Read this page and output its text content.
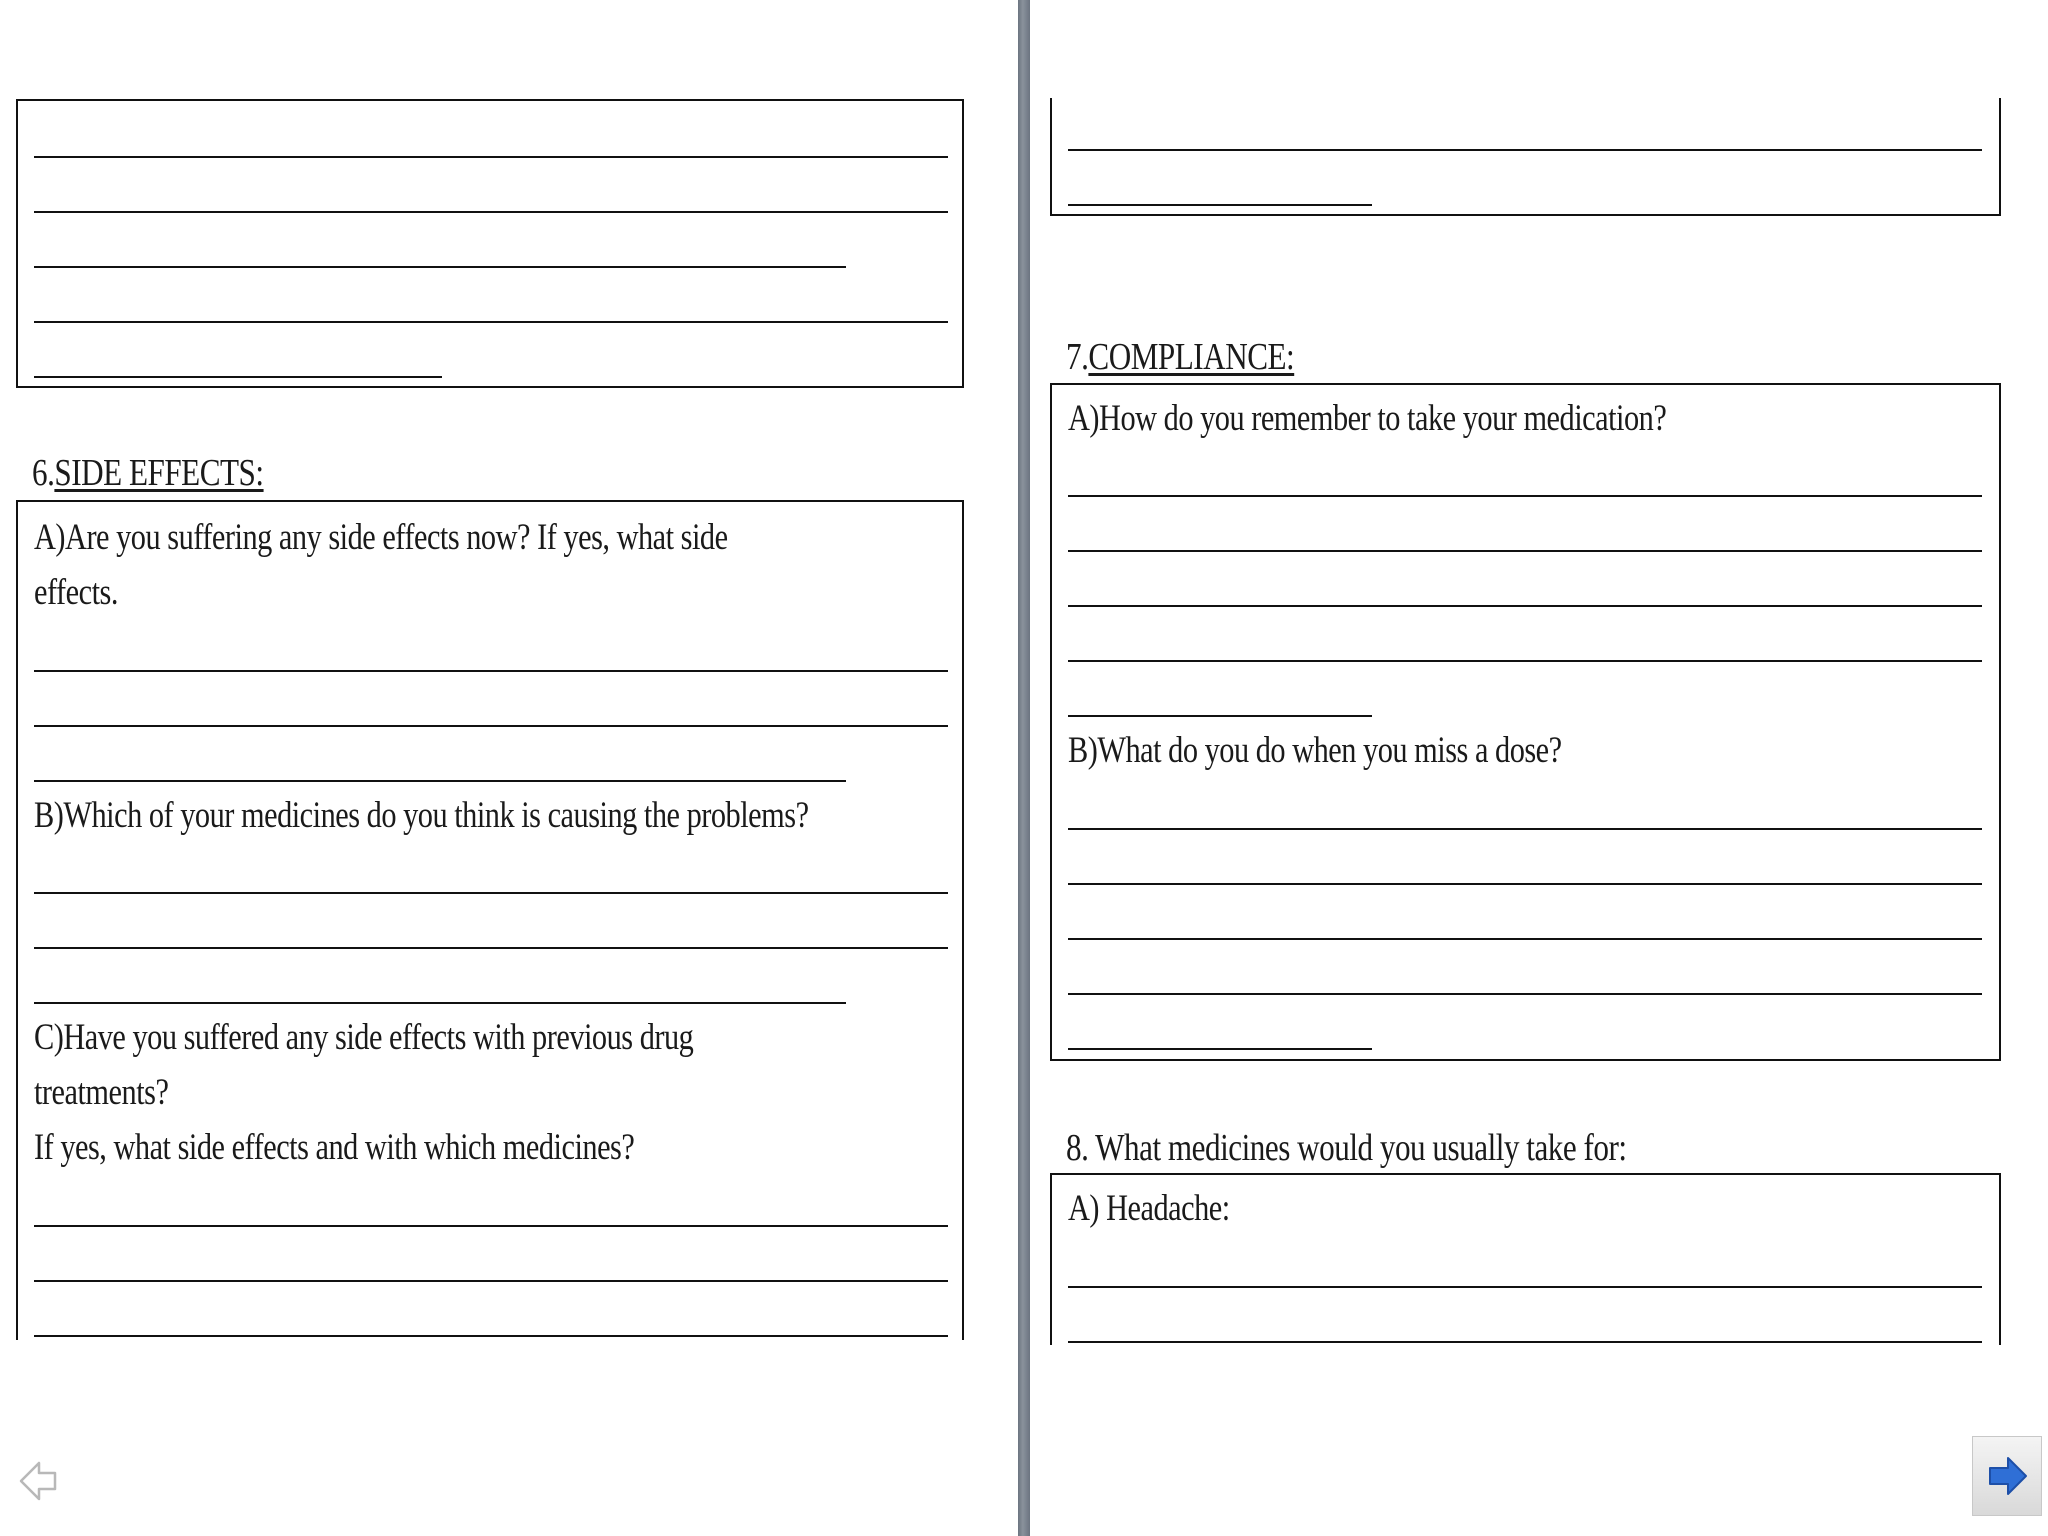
6.SIDE EFFECTS:
A)Are you suffering any side effects now? If yes, what side
effects.
B)Which of your medicines do you think is causing the problems?
C)Have you suffered any side effects with previous drug
treatments?
If yes, what side effects and with which medicines?
7.COMPLIANCE:
A)How do you remember to take your medication?
B)What do you do when you miss a dose?
8. What medicines would you usually take for:
A) Headache:
